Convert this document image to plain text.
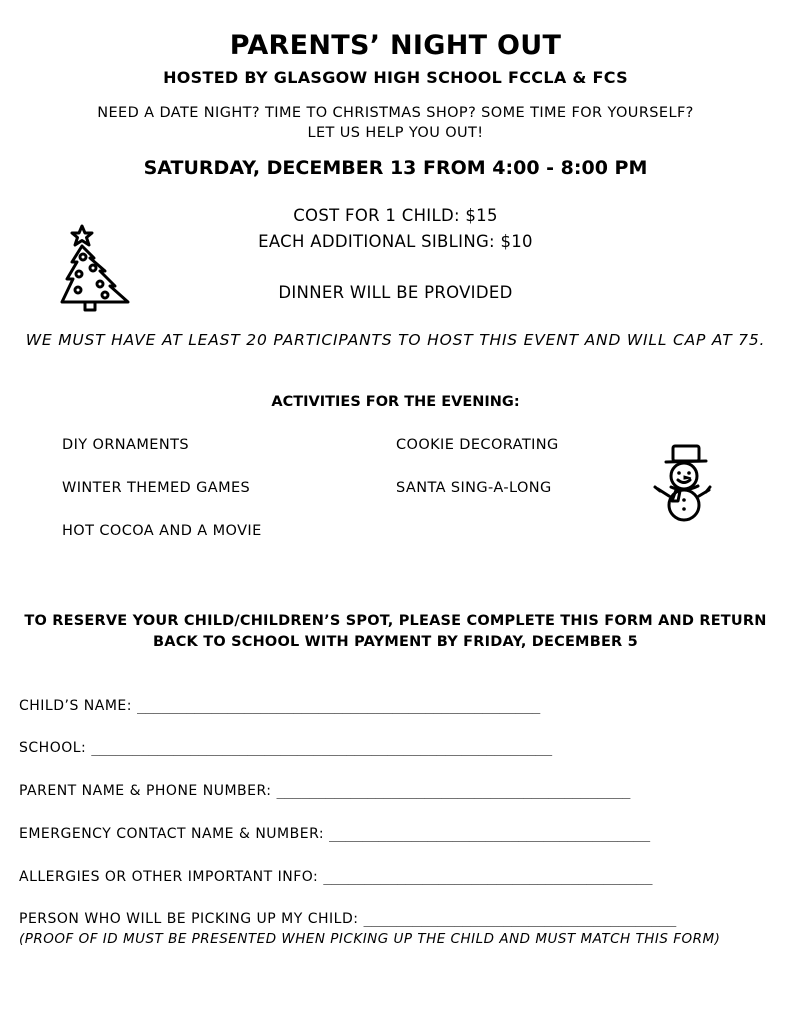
PARENTS’ NIGHT OUT
HOSTED BY GLASGOW HIGH SCHOOL FCCLA & FCS
NEED A DATE NIGHT? TIME TO CHRISTMAS SHOP? SOME TIME FOR YOURSELF?
LET US HELP YOU OUT!
SATURDAY, DECEMBER 13 FROM 4:00 - 8:00 PM
COST FOR 1 CHILD: $15
EACH ADDITIONAL SIBLING: $10
DINNER WILL BE PROVIDED
WE MUST HAVE AT LEAST 20 PARTICIPANTS TO HOST THIS EVENT AND WILL CAP AT 75.
ACTIVITIES FOR THE EVENING:
DIY ORNAMENTS	COOKIE DECORATING
WINTER THEMED GAMES	SANTA SING-A-LONG
HOT COCOA AND A MOVIE
TO RESERVE YOUR CHILD/CHILDREN’S SPOT, PLEASE COMPLETE THIS FORM AND RETURN
BACK TO SCHOOL WITH PAYMENT BY FRIDAY, DECEMBER 5
CHILD’S NAME: _________________________________________________
SCHOOL: ________________________________________________________
PARENT NAME & PHONE NUMBER: ___________________________________________
EMERGENCY CONTACT NAME & NUMBER: _______________________________________
ALLERGIES OR OTHER IMPORTANT INFO: ________________________________________
PERSON WHO WILL BE PICKING UP MY CHILD: ______________________________________
(PROOF OF ID MUST BE PRESENTED WHEN PICKING UP THE CHILD AND MUST MATCH THIS FORM)
